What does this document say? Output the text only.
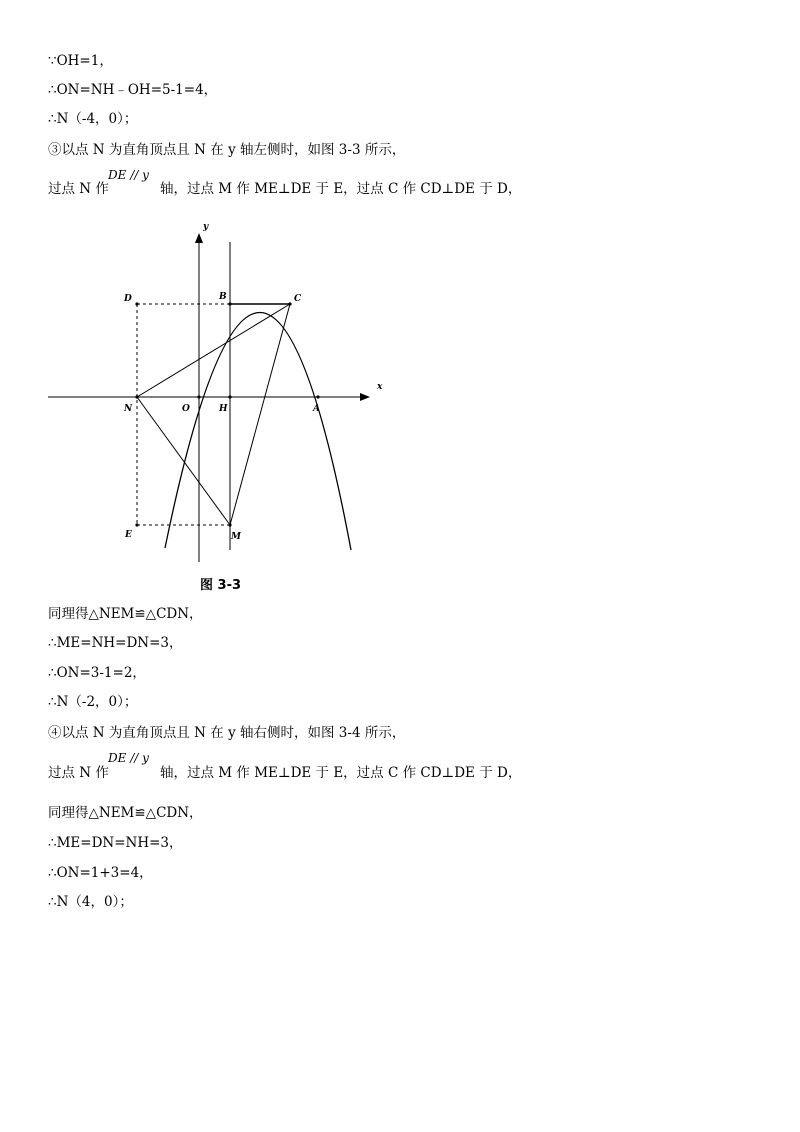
∵OH=1，
∴ON=NH﹣OH=5-1=4，
∴N（-4，0）；
③以点 N 为直角顶点且 N 在 y 轴左侧时，如图 3-3 所示，
过点 N 作
DE // y
轴，过点 M 作 ME⊥DE 于 E，过点 C 作 CD⊥DE 于 D，
y
x
D	B	C
N	O	H	A
E	M
图 3-3
同理得△NEM≌△CDN，
∴ME=NH=DN=3，
∴ON=3-1=2，
∴N（-2，0）；
④以点 N 为直角顶点且 N 在 y 轴右侧时，如图 3-4 所示，
过点 N 作
DE // y
轴，过点 M 作 ME⊥DE 于 E，过点 C 作 CD⊥DE 于 D，
同理得△NEM≌△CDN，
∴ME=DN=NH=3，
∴ON=1+3=4，
∴N（4，0）；
